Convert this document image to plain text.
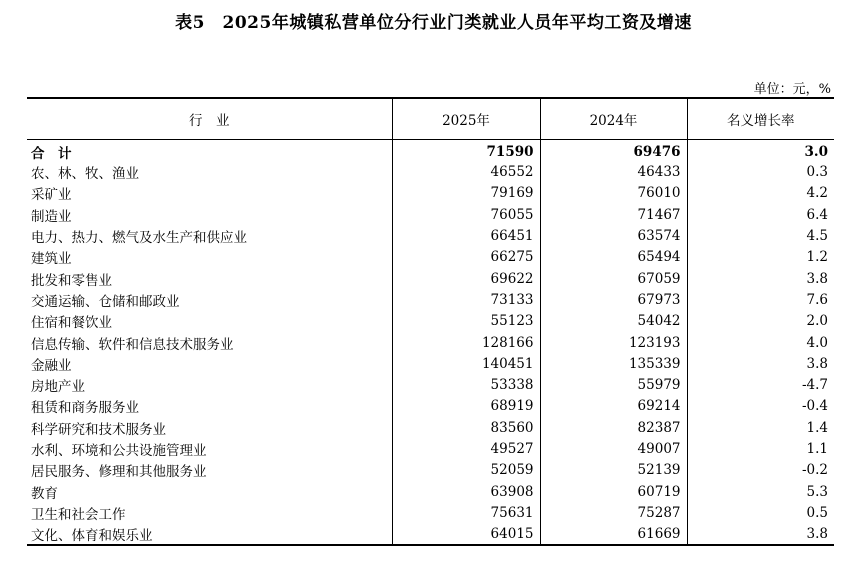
表5　2025年城镇私营单位分行业门类就业人员年平均工资及增速
单位：元，%
行　业	2025年	2024年	名义增长率
合　计	71590	69476	3.0
农、林、牧、渔业	46552	46433	0.3
采矿业	79169	76010	4.2
制造业	76055	71467	6.4
电力、热力、燃气及水生产和供应业	66451	63574	4.5
建筑业	66275	65494	1.2
批发和零售业	69622	67059	3.8
交通运输、仓储和邮政业	73133	67973	7.6
住宿和餐饮业	55123	54042	2.0
信息传输、软件和信息技术服务业	128166	123193	4.0
金融业	140451	135339	3.8
房地产业	53338	55979	-4.7
租赁和商务服务业	68919	69214	-0.4
科学研究和技术服务业	83560	82387	1.4
水利、环境和公共设施管理业	49527	49007	1.1
居民服务、修理和其他服务业	52059	52139	-0.2
教育	63908	60719	5.3
卫生和社会工作	75631	75287	0.5
文化、体育和娱乐业	64015	61669	3.8
